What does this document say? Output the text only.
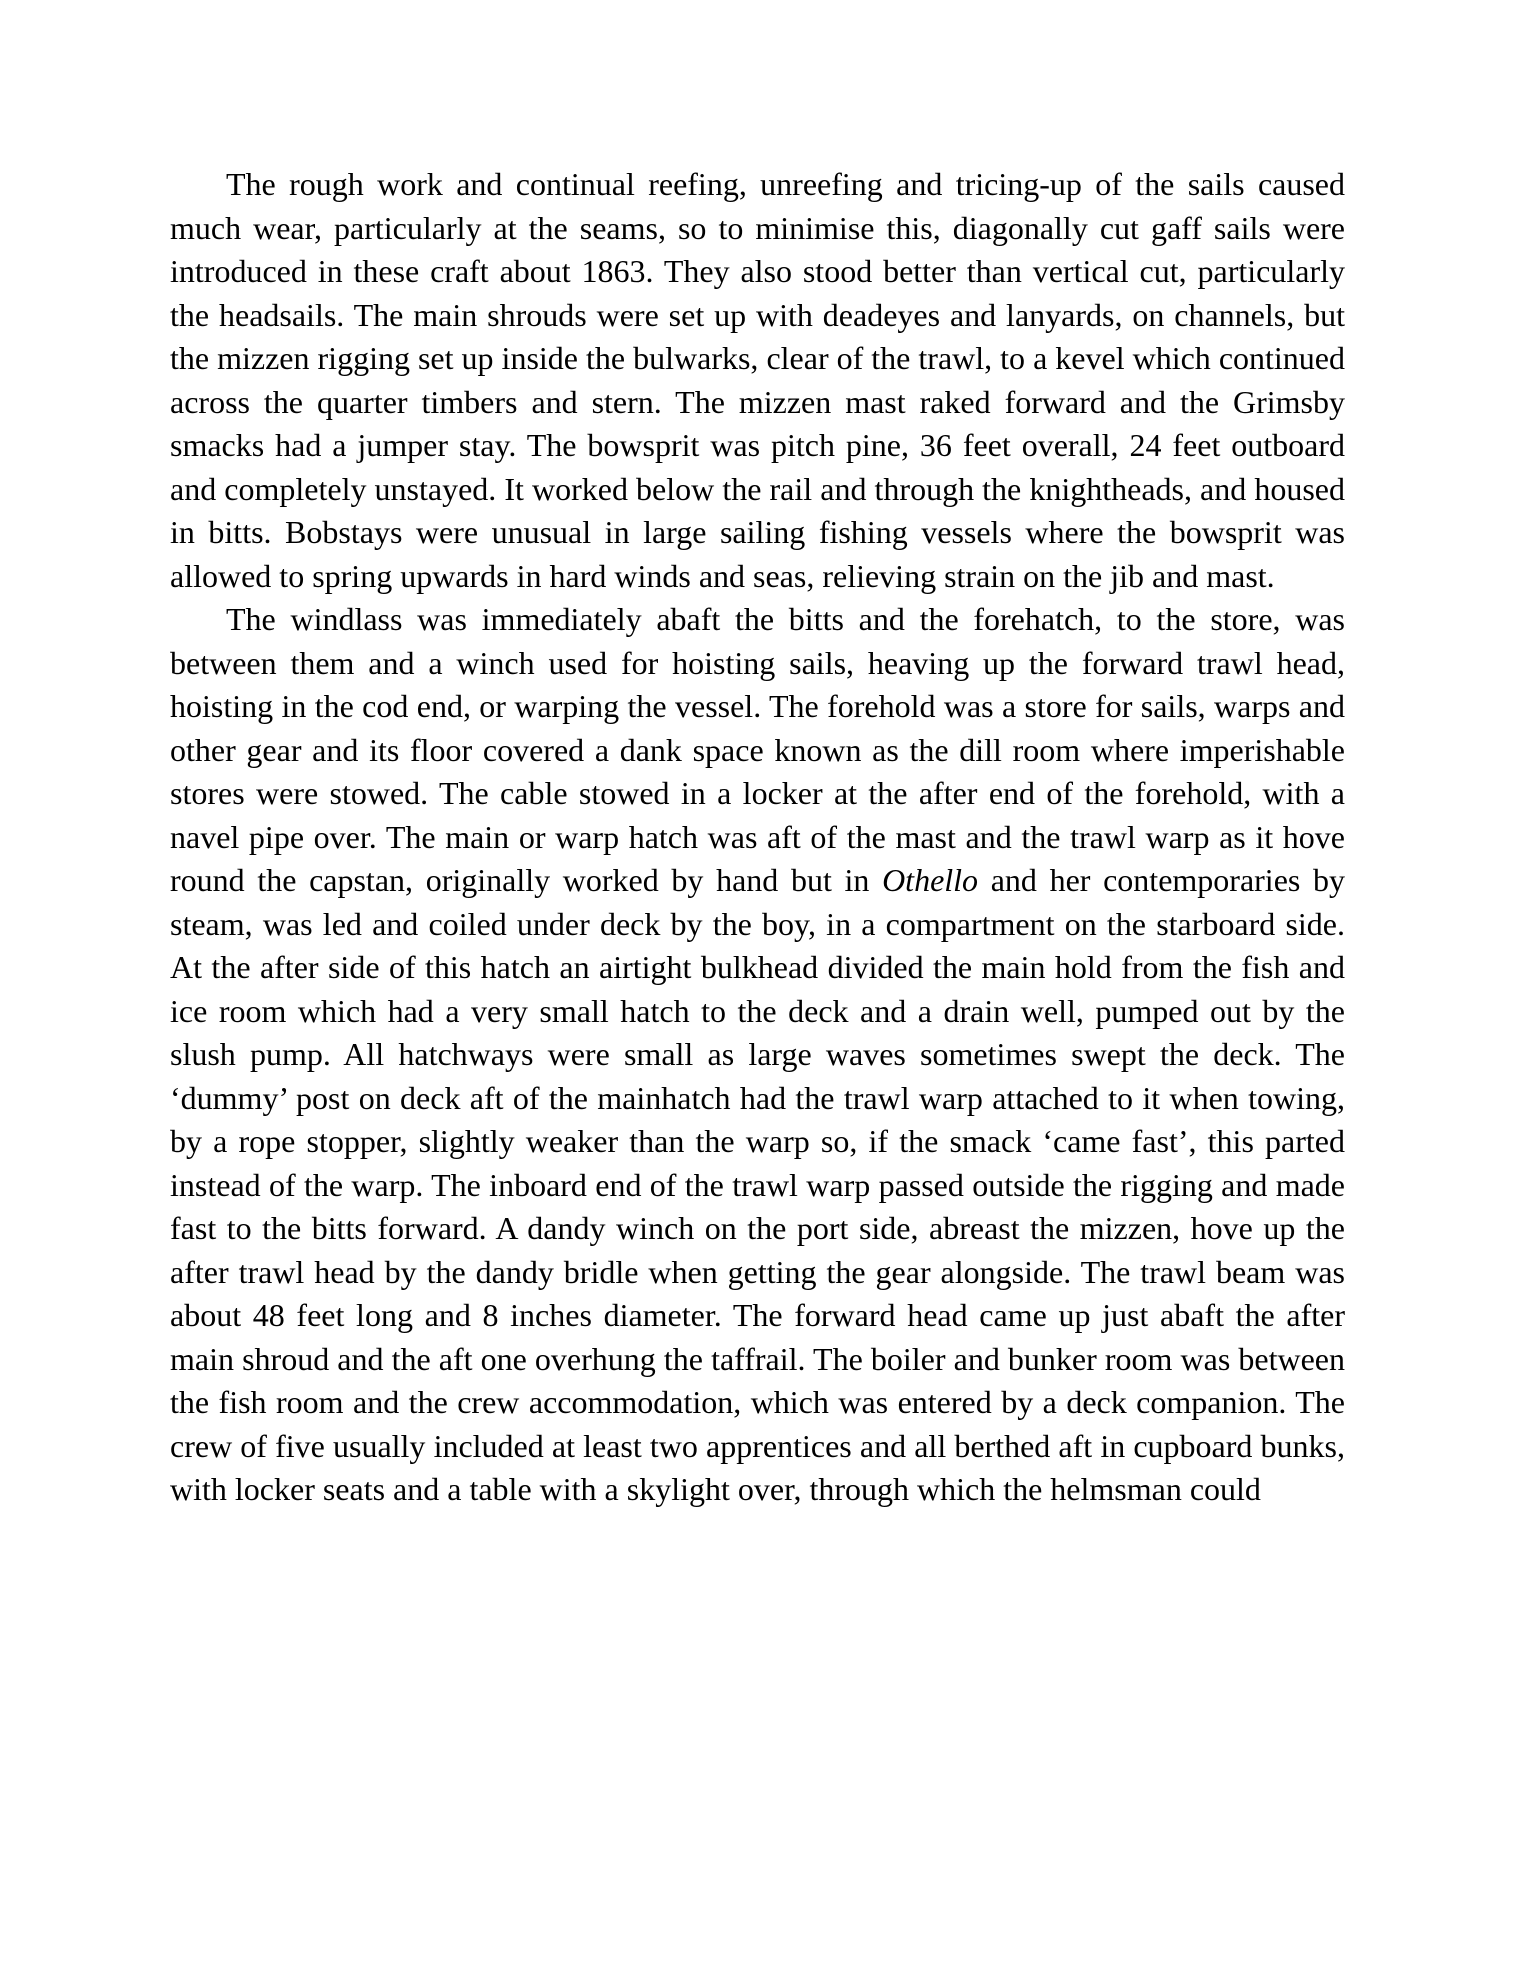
The rough work and continual reefing, unreefing and tricing-up of the sails caused much wear, particularly at the seams, so to minimise this, diagonally cut gaff sails were introduced in these craft about 1863. They also stood better than vertical cut, particularly the headsails. The main shrouds were set up with deadeyes and lanyards, on channels, but the mizzen rigging set up inside the bulwarks, clear of the trawl, to a kevel which continued across the quarter timbers and stern. The mizzen mast raked forward and the Grimsby smacks had a jumper stay. The bowsprit was pitch pine, 36 feet overall, 24 feet outboard and completely unstayed. It worked below the rail and through the knightheads, and housed in bitts. Bobstays were unusual in large sailing fishing vessels where the bowsprit was allowed to spring upwards in hard winds and seas, relieving strain on the jib and mast.

The windlass was immediately abaft the bitts and the forehatch, to the store, was between them and a winch used for hoisting sails, heaving up the forward trawl head, hoisting in the cod end, or warping the vessel. The forehold was a store for sails, warps and other gear and its floor covered a dank space known as the dill room where imperishable stores were stowed. The cable stowed in a locker at the after end of the forehold, with a navel pipe over. The main or warp hatch was aft of the mast and the trawl warp as it hove round the capstan, originally worked by hand but in Othello and her contemporaries by steam, was led and coiled under deck by the boy, in a compartment on the starboard side. At the after side of this hatch an airtight bulkhead divided the main hold from the fish and ice room which had a very small hatch to the deck and a drain well, pumped out by the slush pump. All hatchways were small as large waves sometimes swept the deck. The ‘dummy’ post on deck aft of the mainhatch had the trawl warp attached to it when towing, by a rope stopper, slightly weaker than the warp so, if the smack ‘came fast’, this parted instead of the warp. The inboard end of the trawl warp passed outside the rigging and made fast to the bitts forward. A dandy winch on the port side, abreast the mizzen, hove up the after trawl head by the dandy bridle when getting the gear alongside. The trawl beam was about 48 feet long and 8 inches diameter. The forward head came up just abaft the after main shroud and the aft one overhung the taffrail. The boiler and bunker room was between the fish room and the crew accommodation, which was entered by a deck companion. The crew of five usually included at least two apprentices and all berthed aft in cupboard bunks, with locker seats and a table with a skylight over, through which the helmsman could
